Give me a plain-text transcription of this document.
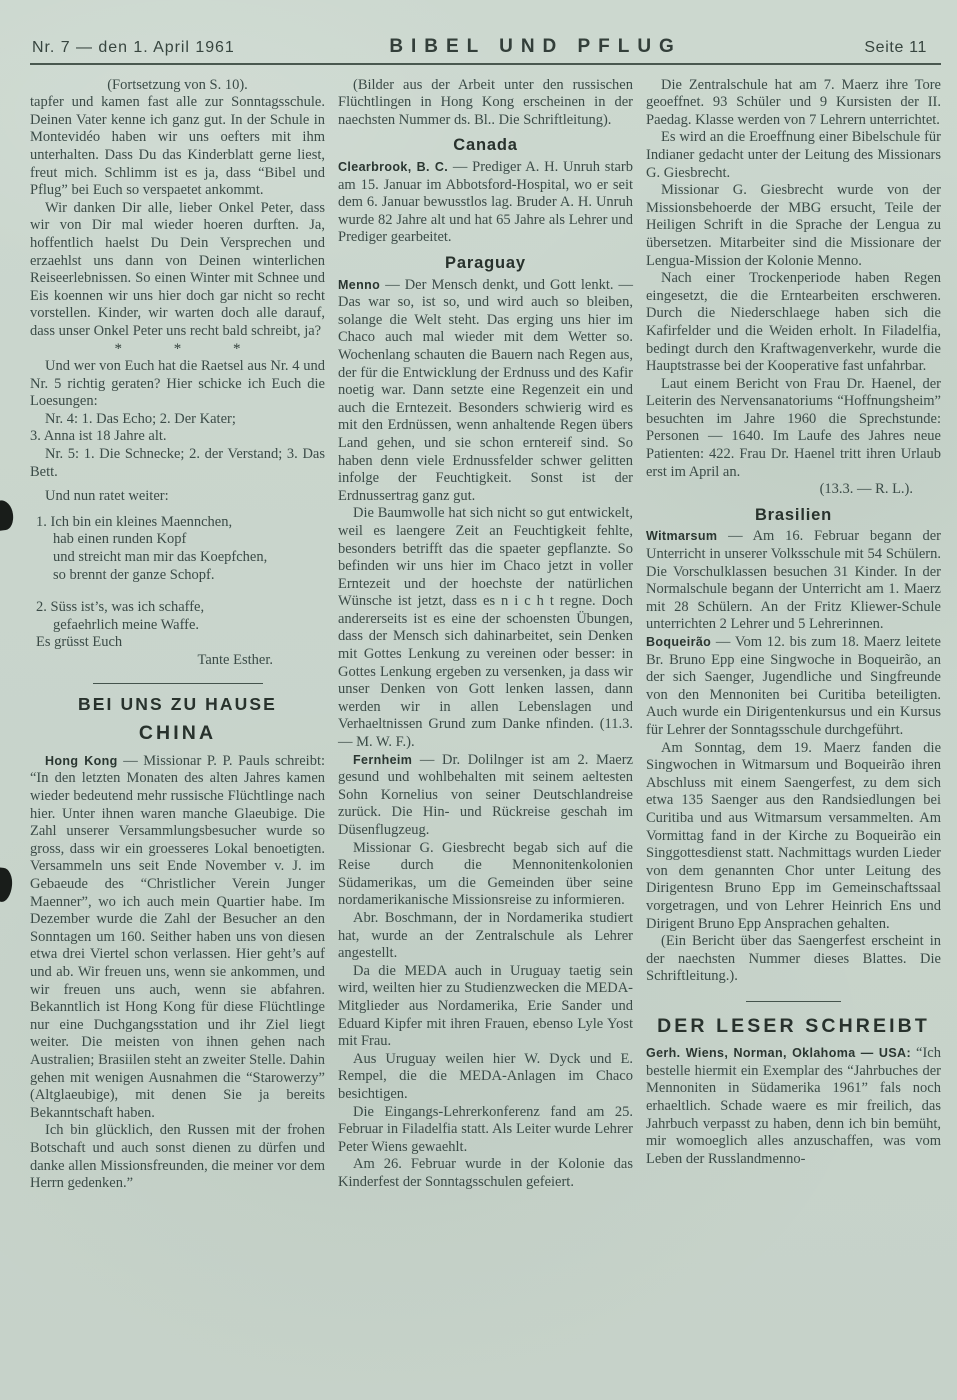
Nr. 7 — den 1. April 1961	BIBEL UND PFLUG	Seite 11

(Fortsetzung von S. 10).

tapfer und kamen fast alle zur Sonntagsschule. Deinen Vater kenne ich ganz gut. In der Schule in Montevidéo haben wir uns oefters mit ihm unterhalten. Dass Du das Kinderblatt gerne liest, freut mich. Schlimm ist es ja, dass “Bibel und Pflug” bei Euch so verspaetet ankommt.

Wir danken Dir alle, lieber Onkel Peter, dass wir von Dir mal wieder hoeren durften. Ja, hoffentlich haelst Du Dein Versprechen und erzaehlst uns dann von Deinen winterlichen Reiseerlebnissen. So einen Winter mit Schnee und Eis koennen wir uns hier doch gar nicht so recht vorstellen. Kinder, wir warten doch alle darauf, dass unser Onkel Peter uns recht bald schreibt, ja?

* * *

Und wer von Euch hat die Raetsel aus Nr. 4 und Nr. 5 richtig geraten? Hier schicke ich Euch die Loesungen:

Nr. 4: 1. Das Echo; 2. Der Kater;

3. Anna ist 18 Jahre alt.

Nr. 5: 1. Die Schnecke; 2. der Verstand; 3. Das Bett.

Und nun ratet weiter:

1. Ich bin ein kleines Maennchen,
hab einen runden Kopf
und streicht man mir das Koepfchen,
so brennt der ganze Schopf.
2. Süss ist’s, was ich schaffe,
gefaehrlich meine Waffe.

Es grüsst Euch

Tante Esther.

BEI UNS ZU HAUSE
CHINA

Hong Kong — Missionar P. P. Pauls schreibt: “In den letzten Monaten des alten Jahres kamen wieder bedeutend mehr russische Flüchtlinge nach hier. Unter ihnen waren manche Glaeubige. Die Zahl unserer Versammlungsbesucher wurde so gross, dass wir ein groesseres Lokal benoetigten. Versammeln uns seit Ende November v. J. im Gebaeude des “Christlicher Verein Junger Maenner”, wo ich auch mein Quartier habe. Im Dezember wurde die Zahl der Besucher an den Sonntagen um 160. Seither haben uns von diesen etwa drei Viertel schon verlassen. Hier geht’s auf und ab. Wir freuen uns, wenn sie ankommen, und wir freuen uns auch, wenn sie abfahren. Bekanntlich ist Hong Kong für diese Flüchtlinge nur eine Duchgangsstation und ihr Ziel liegt weiter. Die meisten von ihnen gehen nach Australien; Brasiilen steht an zweiter Stelle. Dahin gehen mit wenigen Ausnahmen die “Starowerzy” (Altglaeubige), mit denen Sie ja bereits Bekanntschaft haben.

Ich bin glücklich, den Russen mit der frohen Botschaft und auch sonst dienen zu dürfen und danke allen Missionsfreunden, die meiner vor dem Herrn gedenken.”

(Bilder aus der Arbeit unter den russischen Flüchtlingen in Hong Kong erscheinen in der naechsten Nummer ds. Bl.. Die Schriftleitung).

Canada

Clearbrook, B. C. — Prediger A. H. Unruh starb am 15. Januar im Abbotsford-Hospital, wo er seit dem 6. Januar bewusstlos lag. Bruder A. H. Unruh wurde 82 Jahre alt und hat 65 Jahre als Lehrer und Prediger gearbeitet.

Paraguay

Menno — Der Mensch denkt, und Gott lenkt. — Das war so, ist so, und wird auch so bleiben, solange die Welt steht. Das erging uns hier im Chaco auch mal wieder mit dem Wetter so. Wochenlang schauten die Bauern nach Regen aus, der für die Entwicklung der Erdnuss und des Kafir noetig war. Dann setzte eine Regenzeit ein und auch die Erntezeit. Besonders schwierig wird es mit den Erdnüssen, wenn anhaltende Regen übers Land gehen, und sie schon erntereif sind. So haben denn viele Erdnussfelder schwer gelitten infolge der Feuchtigkeit. Sonst ist der Erdnussertrag ganz gut.

Die Baumwolle hat sich nicht so gut entwickelt, weil es laengere Zeit an Feuchtigkeit fehlte, besonders betrifft das die spaeter gepflanzte. So befinden wir uns hier im Chaco jetzt in voller Erntezeit und der hoechste der natürlichen Wünsche ist jetzt, dass es n i c h t regne. Doch andererseits ist es eine der schoensten Übungen, dass der Mensch sich dahinarbeitet, sein Denken mit Gottes Lenkung zu vereinen oder besser: in Gottes Lenkung ergeben zu versenken, ja dass wir unser Denken von Gott lenken lassen, dann werden wir in allen Lebenslagen und Verhaeltnissen Grund zum Danke nfinden. (11.3. — M. W. F.).

Fernheim — Dr. Dolilnger ist am 2. Maerz gesund und wohlbehalten mit seinem aeltesten Sohn Kornelius von seiner Deutschlandreise zurück. Die Hin- und Rückreise geschah im Düsenflugzeug.

Missionar G. Giesbrecht begab sich auf die Reise durch die Mennonitenkolonien Südamerikas, um die Gemeinden über seine nordamerikanische Missionsreise zu informieren.

Abr. Boschmann, der in Nordamerika studiert hat, wurde an der Zentralschule als Lehrer angestellt.

Da die MEDA auch in Uruguay taetig sein wird, weilten hier zu Studienzwecken die MEDA-Mitglieder aus Nordamerika, Erie Sander und Eduard Kipfer mit ihren Frauen, ebenso Lyle Yost mit Frau.

Aus Uruguay weilen hier W. Dyck und E. Rempel, die die MEDA-Anlagen im Chaco besichtigen.

Die Eingangs-Lehrerkonferenz fand am 25. Februar in Filadelfia statt. Als Leiter wurde Lehrer Peter Wiens gewaehlt.

Am 26. Februar wurde in der Kolonie das Kinderfest der Sonntagsschulen gefeiert.

Die Zentralschule hat am 7. Maerz ihre Tore geoeffnet. 93 Schüler und 9 Kursisten der II. Paedag. Klasse werden von 7 Lehrern unterrichtet.

Es wird an die Eroeffnung einer Bibelschule für Indianer gedacht unter der Leitung des Missionars G. Giesbrecht.

Missionar G. Giesbrecht wurde von der Missionsbehoerde der MBG ersucht, Teile der Heiligen Schrift in die Sprache der Lengua zu übersetzen. Mitarbeiter sind die Missionare der Lengua-Mission der Kolonie Menno.

Nach einer Trockenperiode haben Regen eingesetzt, die die Erntearbeiten erschweren. Durch die Niederschlaege haben sich die Kafirfelder und die Weiden erholt. In Filadelfia, bedingt durch den Kraftwagenverkehr, wurde die Hauptstrasse bei der Kooperative fast unfahrbar.

Laut einem Bericht von Frau Dr. Haenel, der Leiterin des Nervensanatoriums “Hoffnungsheim” besuchten im Jahre 1960 die Sprechstunde: Personen — 1640. Im Laufe des Jahres neue Patienten: 422. Frau Dr. Haenel tritt ihren Urlaub erst im April an.

(13.3. — R. L.).

Brasilien

Witmarsum — Am 16. Februar begann der Unterricht in unserer Volksschule mit 54 Schülern. Die Vorschulklassen besuchen 31 Kinder. In der Normalschule begann der Unterricht am 1. Maerz mit 28 Schülern. An der Fritz Kliewer-Schule unterrichten 2 Lehrer und 5 Lehrerinnen.

Boqueirão — Vom 12. bis zum 18. Maerz leitete Br. Bruno Epp eine Singwoche in Boqueirão, an der sich Saenger, Jugendliche und Singfreunde von den Mennoniten bei Curitiba beteiligten. Auch wurde ein Dirigentenkursus und ein Kursus für Lehrer der Sonntagsschule durchgeführt.

Am Sonntag, dem 19. Maerz fanden die Singwochen in Witmarsum und Boqueirão ihren Abschluss mit einem Saengerfest, zu dem sich etwa 135 Saenger aus den Randsiedlungen bei Curitiba und aus Witmarsum versammelten. Am Vormittag fand in der Kirche zu Boqueirão ein Singgottesdienst statt. Nachmittags wurden Lieder von dem genannten Chor unter Leitung des Dirigentesn Bruno Epp im Gemeinschaftssaal vorgetragen, und von Lehrer Heinrich Ens und Dirigent Bruno Epp Ansprachen gehalten.

(Ein Bericht über das Saengerfest erscheint in der naechsten Nummer dieses Blattes. Die Schriftleitung.).

DER LESER SCHREIBT

Gerh. Wiens, Norman, Oklahoma — USA: “Ich bestelle hiermit ein Exemplar des “Jahrbuches der Mennoniten in Südamerika 1961” fals noch erhaeltlich. Schade waere es mir freilich, das Jahrbuch verpasst zu haben, denn ich bin bemüht, mir womoeglich alles anzuschaffen, was vom Leben der Russlandmenno-
